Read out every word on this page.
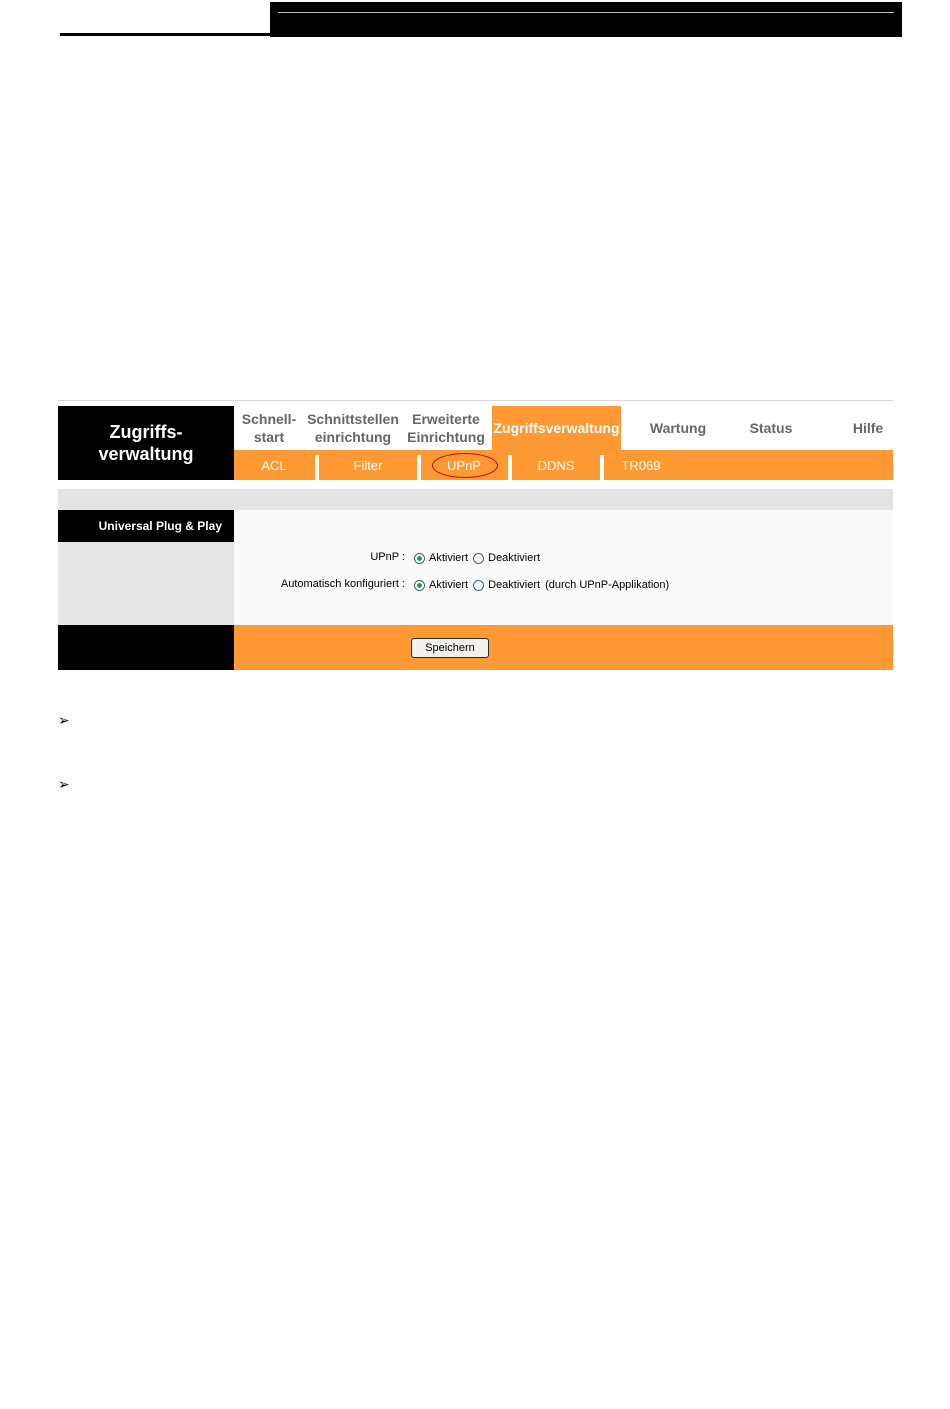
Zugriffs-
verwaltung
Schnell-
start
Schnittstellen
einrichtung
Erweiterte
Einrichtung
Zugriffsverwaltung Wartung	Status	Hilfe
ACL	Filter	UPnP	DDNS	TR069
Universal Plug & Play
UPnP : Aktiviert Deaktiviert
Automatisch konfiguriert : Aktiviert Deaktiviert (durch UPnP-Applikation)
Speichern
➢
➢
